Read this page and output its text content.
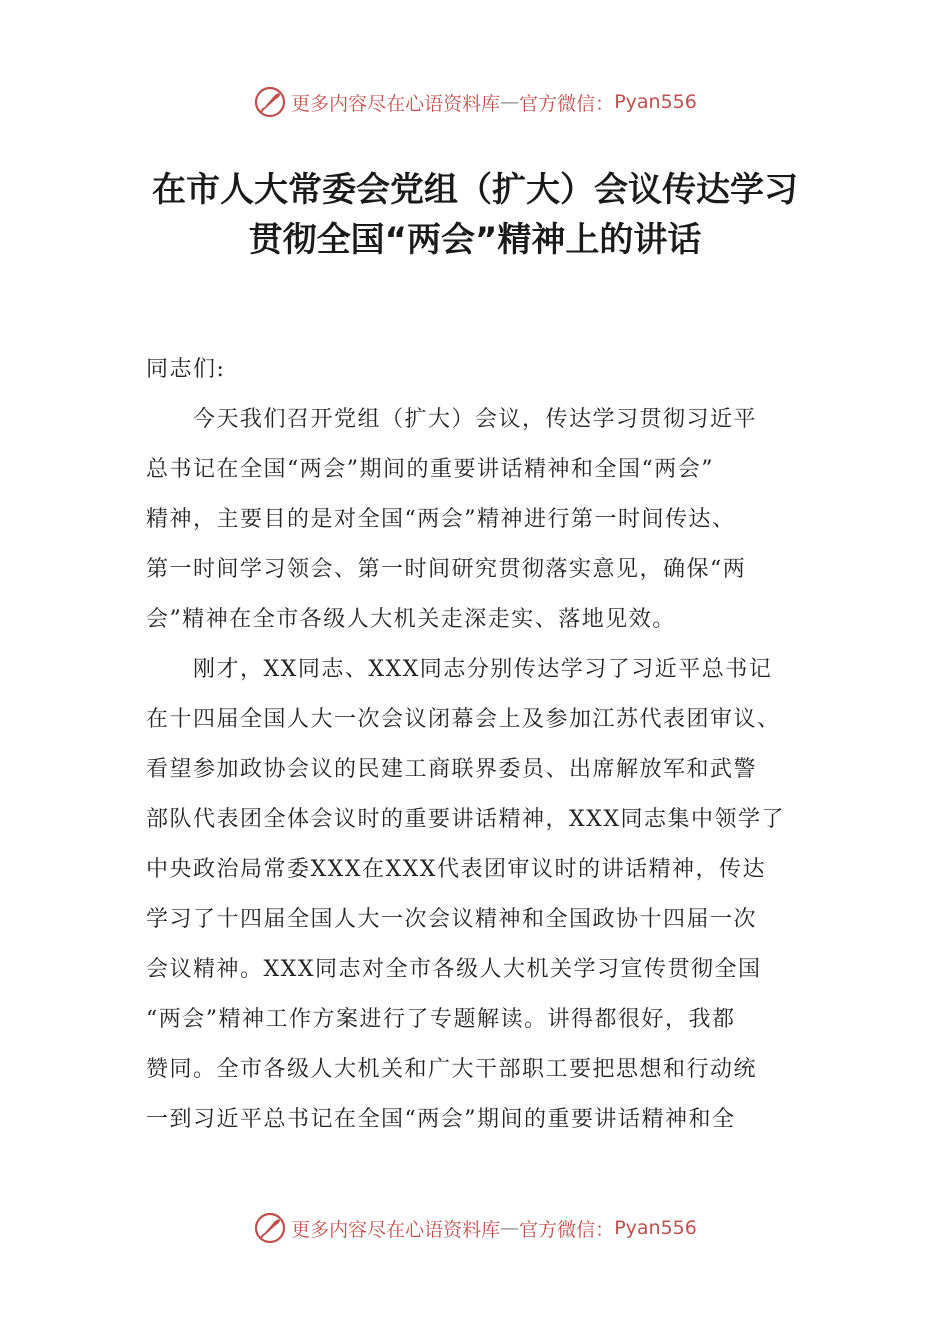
更多内容尽在心语资料库 — 官方微信： Pyan556
在市人大常委会党组（扩大）会议传达学习
贯彻全国“两会”精神上的讲话
同志们:
　　今天我们召开党组（扩大）会议，传达学习贯彻习近平
总书记在全国“两会”期间的重要讲话精神和全国“两会”
精神，主要目的是对全国“两会”精神进行第一时间传达、
第一时间学习领会、第一时间研究贯彻落实意见，确保“两
会”精神在全市各级人大机关走深走实、落地见效。
　　刚才，XX同志、XXX同志分别传达学习了习近平总书记
在十四届全国人大一次会议闭幕会上及参加江苏代表团审议、
看望参加政协会议的民建工商联界委员、出席解放军和武警
部队代表团全体会议时的重要讲话精神，XXX同志集中领学了
中央政治局常委XXX在XXX代表团审议时的讲话精神，传达
学习了十四届全国人大一次会议精神和全国政协十四届一次
会议精神。XXX同志对全市各级人大机关学习宣传贯彻全国
“两会”精神工作方案进行了专题解读。讲得都很好，我都
赞同。全市各级人大机关和广大干部职工要把思想和行动统
一到习近平总书记在全国“两会”期间的重要讲话精神和全
更多内容尽在心语资料库 — 官方微信： Pyan556
